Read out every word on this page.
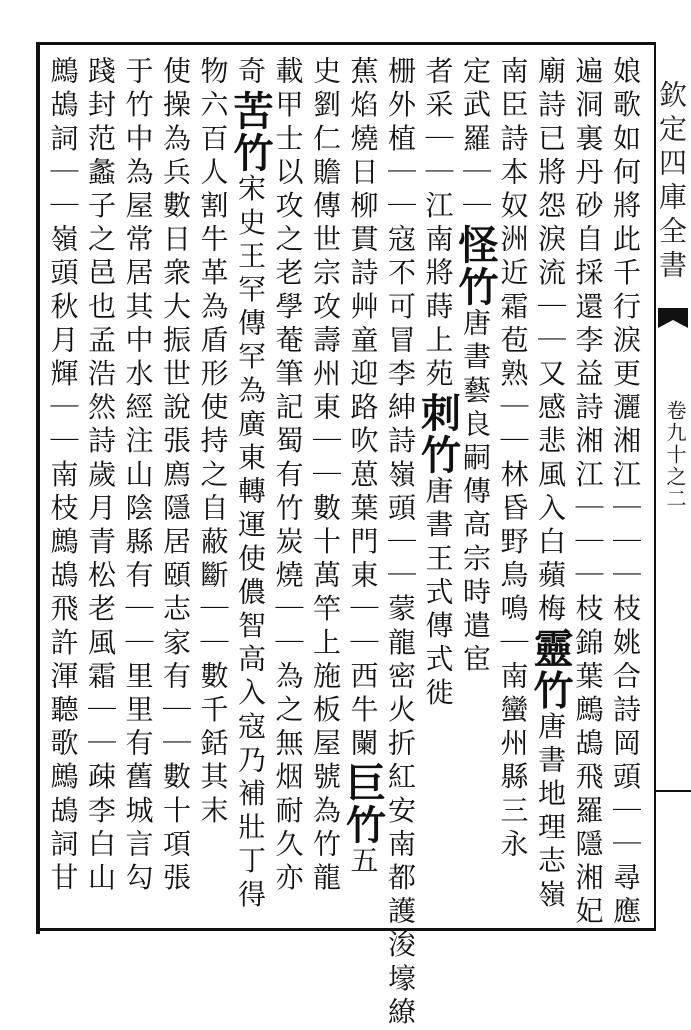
欽定四庫全書
卷九十之二
娘歌如何將此千行淚更灑湘江｜｜｜枝姚合詩岡頭｜｜尋應
遍洞裏丹砂自採還李益詩湘江｜｜｜枝錦葉鷓鴣飛羅隱湘妃
廟詩已將怨淚流｜｜又感悲風入白蘋梅靈竹唐書地理志嶺
南臣詩本奴洲近霜苞熟｜｜林昏野鳥鳴｜南蠻州縣三永
定武羅｜｜怪竹唐書藝良嗣傳高宗時遣宦
者采｜｜江南將蒔上苑刺竹唐書王式傳式徙
栅外植｜｜寇不可冒李紳詩嶺頭｜｜蒙龍密火折紅安南都護浚壕繚
蕉焰燒日柳貫詩艸童迎路吹葸葉門東｜｜西牛闌巨竹五
史劉仁贍傳世宗攻壽州東｜｜數十萬竿上施板屋號為竹龍
載甲士以攻之老學菴筆記蜀有竹炭燒｜｜為之無烟耐久亦
奇苦竹宋史王罕傳罕為廣東轉運使儂智高入寇乃補壯丁得
物六百人割牛革為盾形使持之自蔽斷｜｜數千銛其末
使操為兵數日衆大振世說張廌隱居頤志家有｜｜數十項張
于竹中為屋常居其中水經注山陰縣有｜｜里里有舊城言勾
踐封范蠡子之邑也孟浩然詩歲月青松老風霜｜｜疎李白山
鷓鴣詞｜｜嶺頭秋月輝｜｜南枝鷓鴣飛許渾聽歌鷓鴣詞甘
